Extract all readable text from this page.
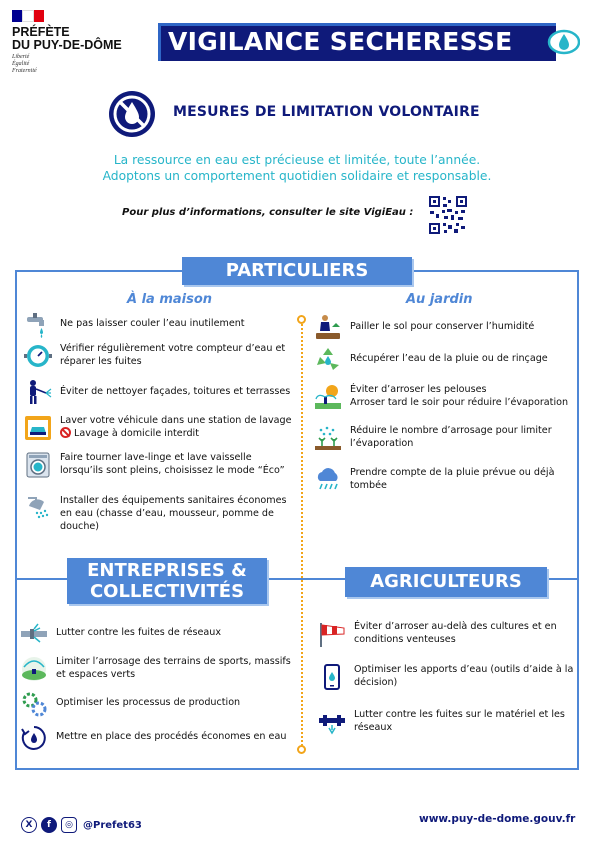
PRÉFÈTE
DU PUY-DE-DÔME
Liberté
Égalité
Fraternité
VIGILANCE SECHERESSE
MESURES DE LIMITATION VOLONTAIRE
La ressource en eau est précieuse et limitée, toute l’année.
Adoptons un comportement quotidien solidaire et responsable.
Pour plus d’informations, consulter le site VigiEau :
PARTICULIERS
À la maison	Au jardin
Ne pas laisser couler l’eau inutilement
Vérifier régulièrement votre compteur d’eau et réparer les fuites
Éviter de nettoyer façades, toitures et terrasses
Laver votre véhicule dans une station de lavage
Lavage à domicile interdit
Faire tourner lave-linge et lave vaisselle lorsqu’ils sont pleins, choisissez le mode “Éco”
Installer des équipements sanitaires économes en eau (chasse d’eau, mousseur, pomme de douche)
Pailler le sol pour conserver l’humidité
Récupérer l’eau de la pluie ou de rinçage
Éviter d’arroser les pelouses
Arroser tard le soir pour réduire l’évaporation
Réduire le nombre d’arrosage pour limiter l’évaporation
Prendre compte de la pluie prévue ou déjà tombée
ENTREPRISES &
COLLECTIVITÉS	AGRICULTEURS
Lutter contre les fuites de réseaux
Limiter l’arrosage des terrains de sports, massifs et espaces verts
Optimiser les processus de production
Mettre en place des procédés économes en eau
Éviter d’arroser au-delà des cultures et en conditions venteuses
Optimiser les apports d’eau (outils d’aide à la décision)
Lutter contre les fuites sur le matériel et les réseaux
X	f	◎	@Prefet63	www.puy-de-dome.gouv.fr
